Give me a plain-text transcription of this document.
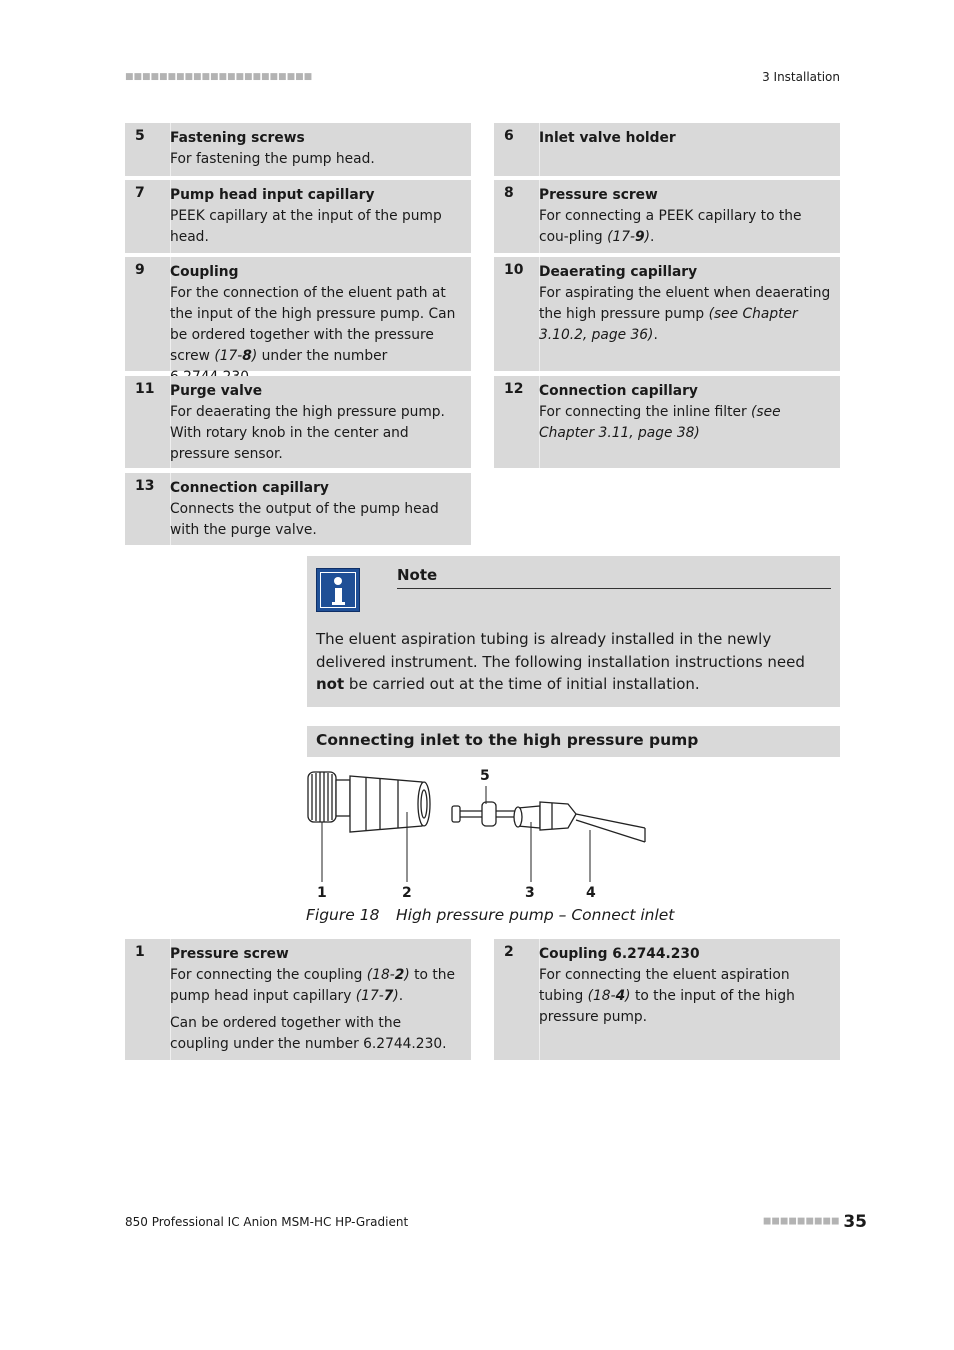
■■■■■■■■■■■■■■■■■■■■■■	3 Installation
5 Fastening screws
For fastening the pump head.
6 Inlet valve holder
7 Pump head input capillary
PEEK capillary at the input of the pump head.
8 Pressure screw
For connecting a PEEK capillary to the cou-pling (17-9).
9 Coupling
For the connection of the eluent path at the input of the high pressure pump. Can be ordered together with the pressure screw (17-8) under the number
10 Deaerating capillary
For aspirating the eluent when deaerating the high pressure pump (see Chapter 3.10.2, page 36).
11 Purge valve
For deaerating the high pressure pump. With rotary knob in the center and pressure sensor.
12 Connection capillary
For connecting the inline filter (see Chapter 3.11, page 38)
13 Connection capillary
Connects the output of the pump head with the purge valve.
Note
The eluent aspiration tubing is already installed in the newly delivered instrument. The following installation instructions need not be carried out at the time of initial installation.
Connecting inlet to the high pressure pump
1	2	3	4
5
Figure 18 High pressure pump – Connect inlet
1 Pressure screw
For connecting the coupling (18-2) to the pump head input capillary (17-7).
Can be ordered together with the coupling under the number 6.2744.230.
2 Coupling 6.2744.230
For connecting the eluent aspiration tubing (18-4) to the input of the high pressure pump.
850 Professional IC Anion MSM-HC HP-Gradient	■■■■■■■■■ 35
